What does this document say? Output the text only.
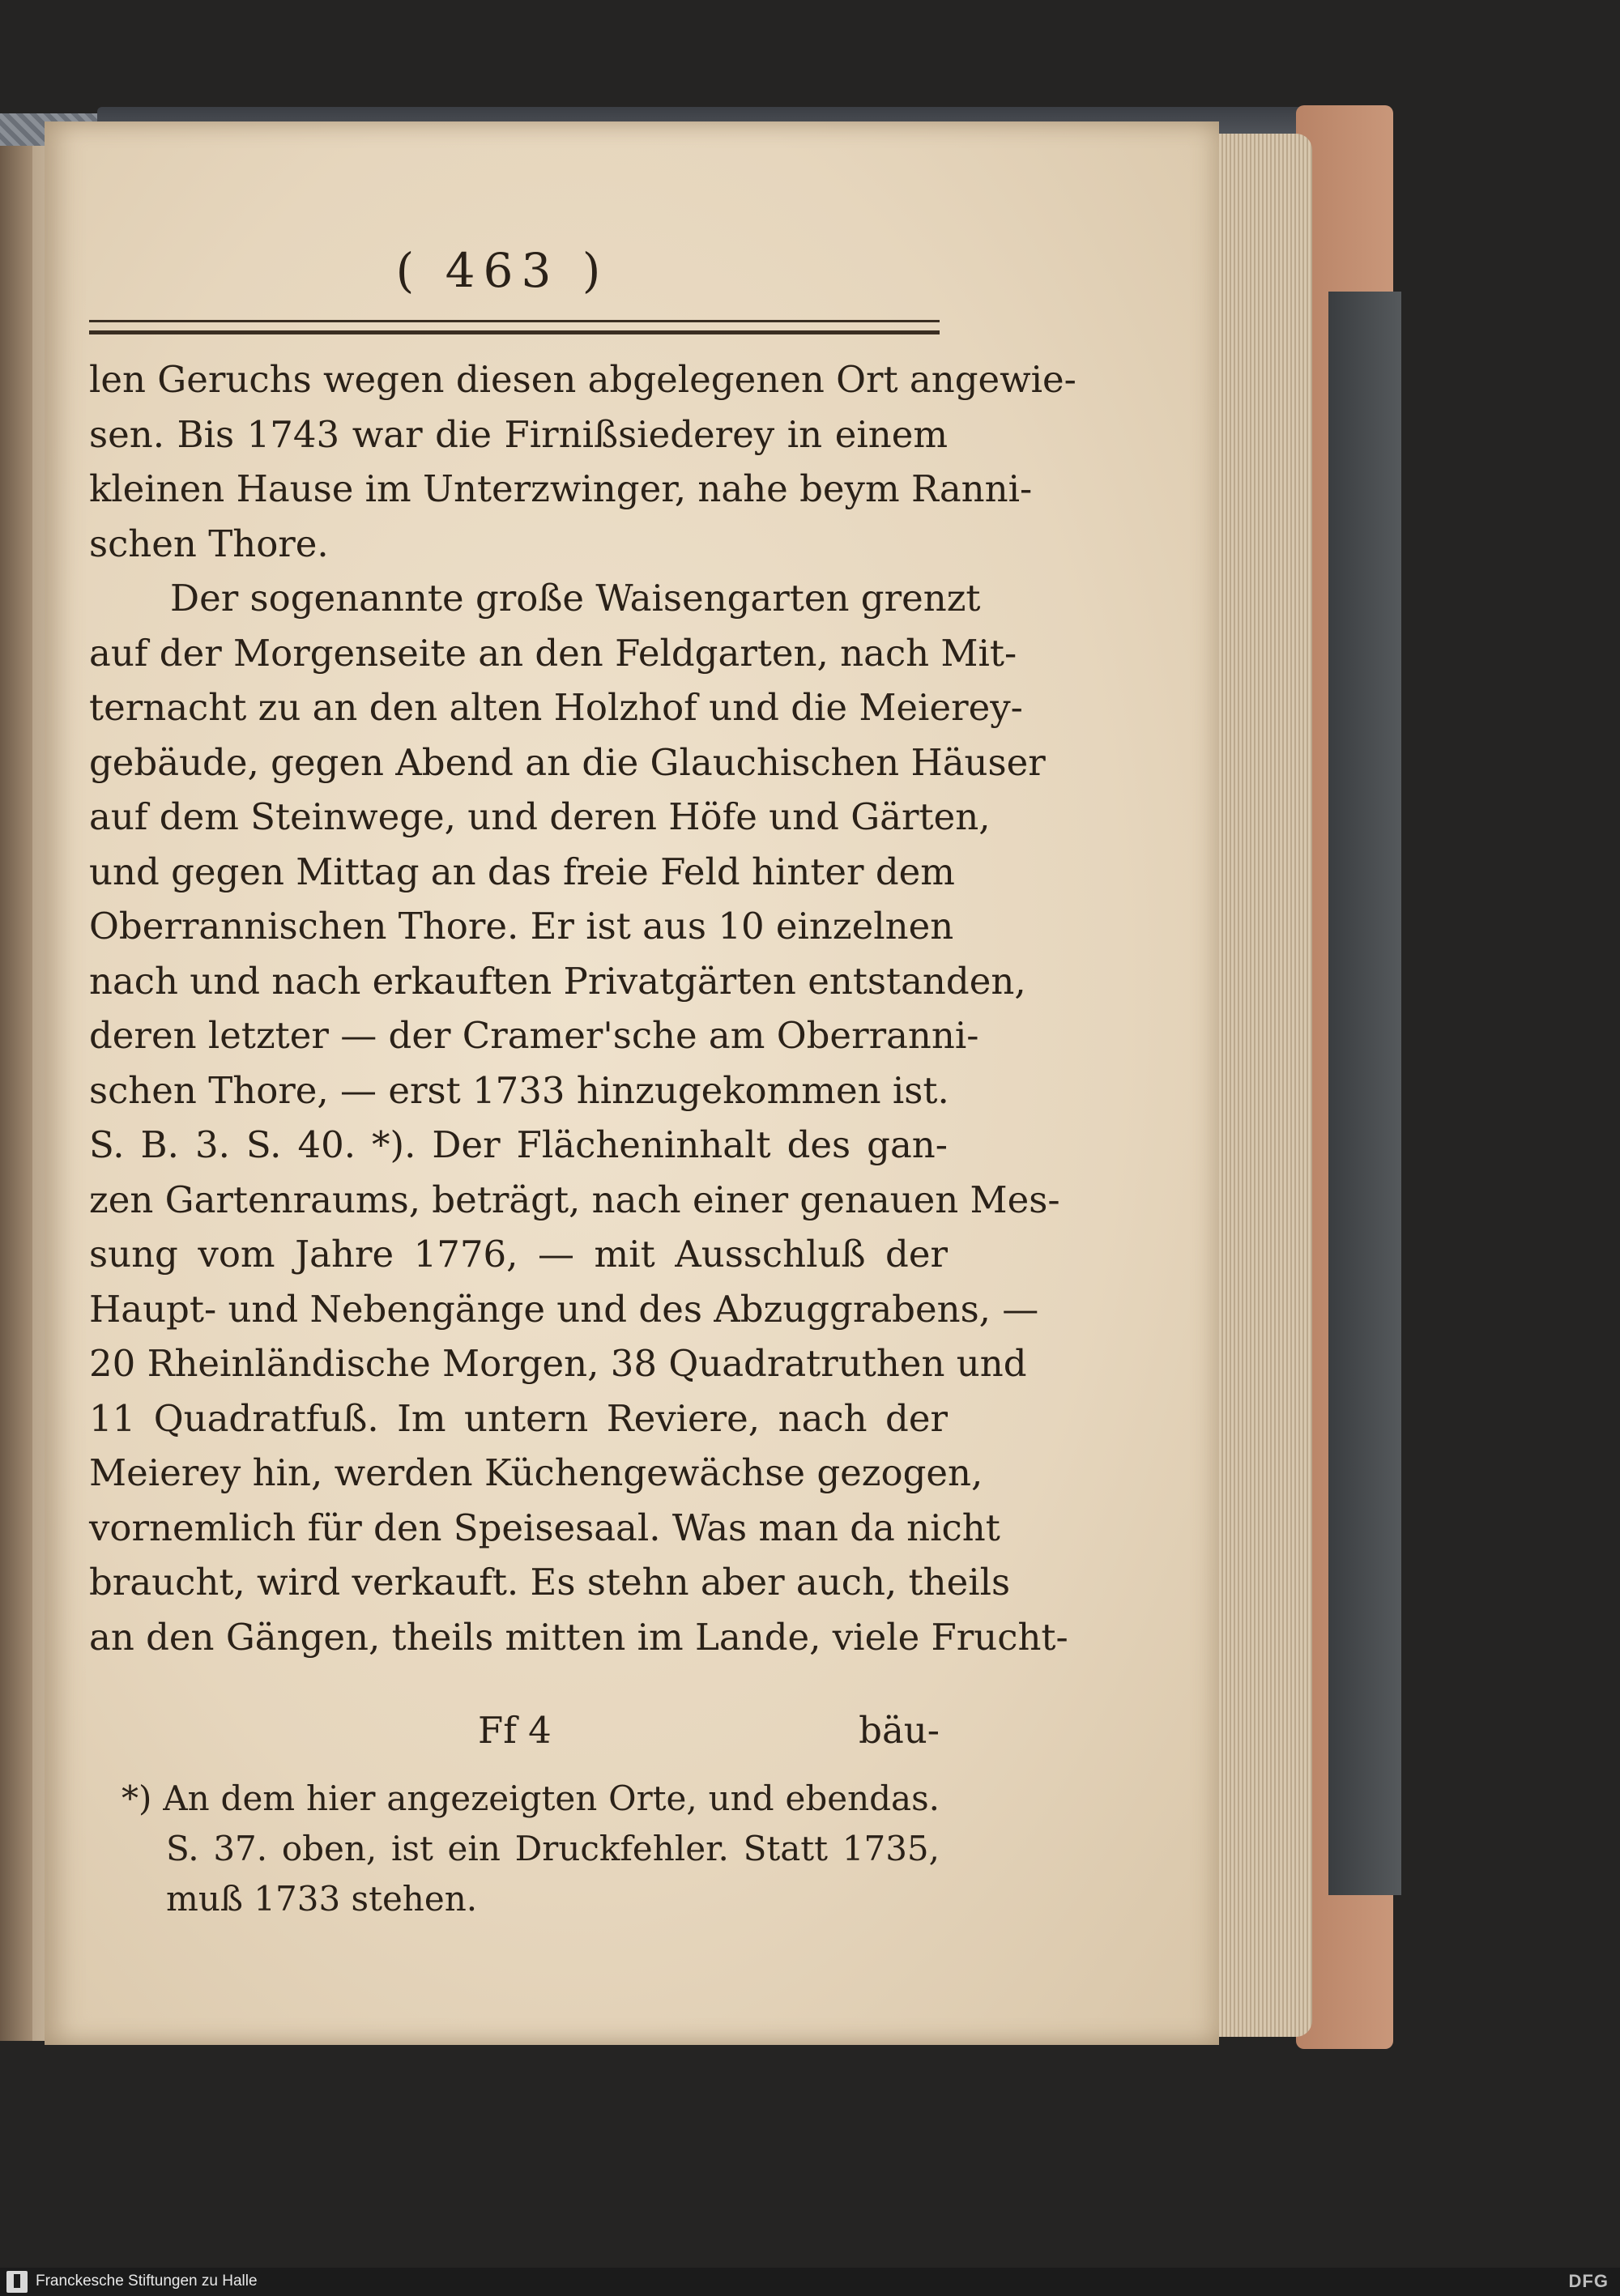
( 463 )
len Geruchs wegen diesen abgelegenen Ort angewie-
sen. Bis 1743 war die Firnißsiederey in einem
kleinen Hause im Unterzwinger, nahe beym Ranni-
schen Thore.
Der sogenannte große Waisengarten grenzt
auf der Morgenseite an den Feldgarten, nach Mit-
ternacht zu an den alten Holzhof und die Meierey-
gebäude, gegen Abend an die Glauchischen Häuser
auf dem Steinwege, und deren Höfe und Gärten,
und gegen Mittag an das freie Feld hinter dem
Oberrannischen Thore. Er ist aus 10 einzelnen
nach und nach erkauften Privatgärten entstanden,
deren letzter — der Cramer'sche am Oberranni-
schen Thore, — erst 1733 hinzugekommen ist.
S. B. 3. S. 40. *). Der Flächeninhalt des gan-
zen Gartenraums, beträgt, nach einer genauen Mes-
sung vom Jahre 1776, — mit Ausschluß der
Haupt- und Nebengänge und des Abzuggrabens, —
20 Rheinländische Morgen, 38 Quadratruthen und
11 Quadratfuß. Im untern Reviere, nach der
Meierey hin, werden Küchengewächse gezogen,
vornemlich für den Speisesaal. Was man da nicht
braucht, wird verkauft. Es stehn aber auch, theils
an den Gängen, theils mitten im Lande, viele Frucht-
Ff 4	bäu-
*) An dem hier angezeigten Orte, und ebendas.
S. 37. oben, ist ein Druckfehler. Statt 1735,
muß 1733 stehen.
Franckesche Stiftungen zu Halle	DFG
